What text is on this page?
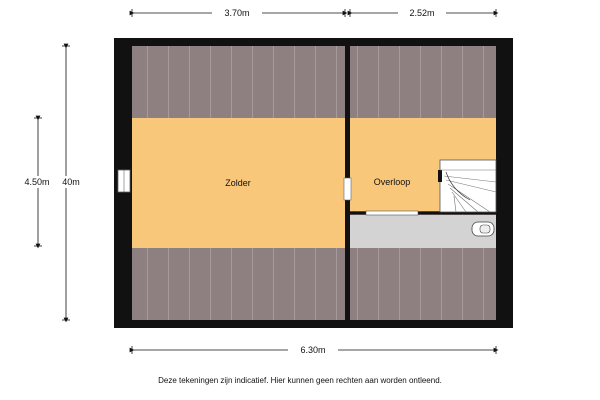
3.70m	2.52m
4.50m 40m
6.30m
Zolder	Overloop
Deze tekeningen zijn indicatief. Hier kunnen geen rechten aan worden ontleend.
